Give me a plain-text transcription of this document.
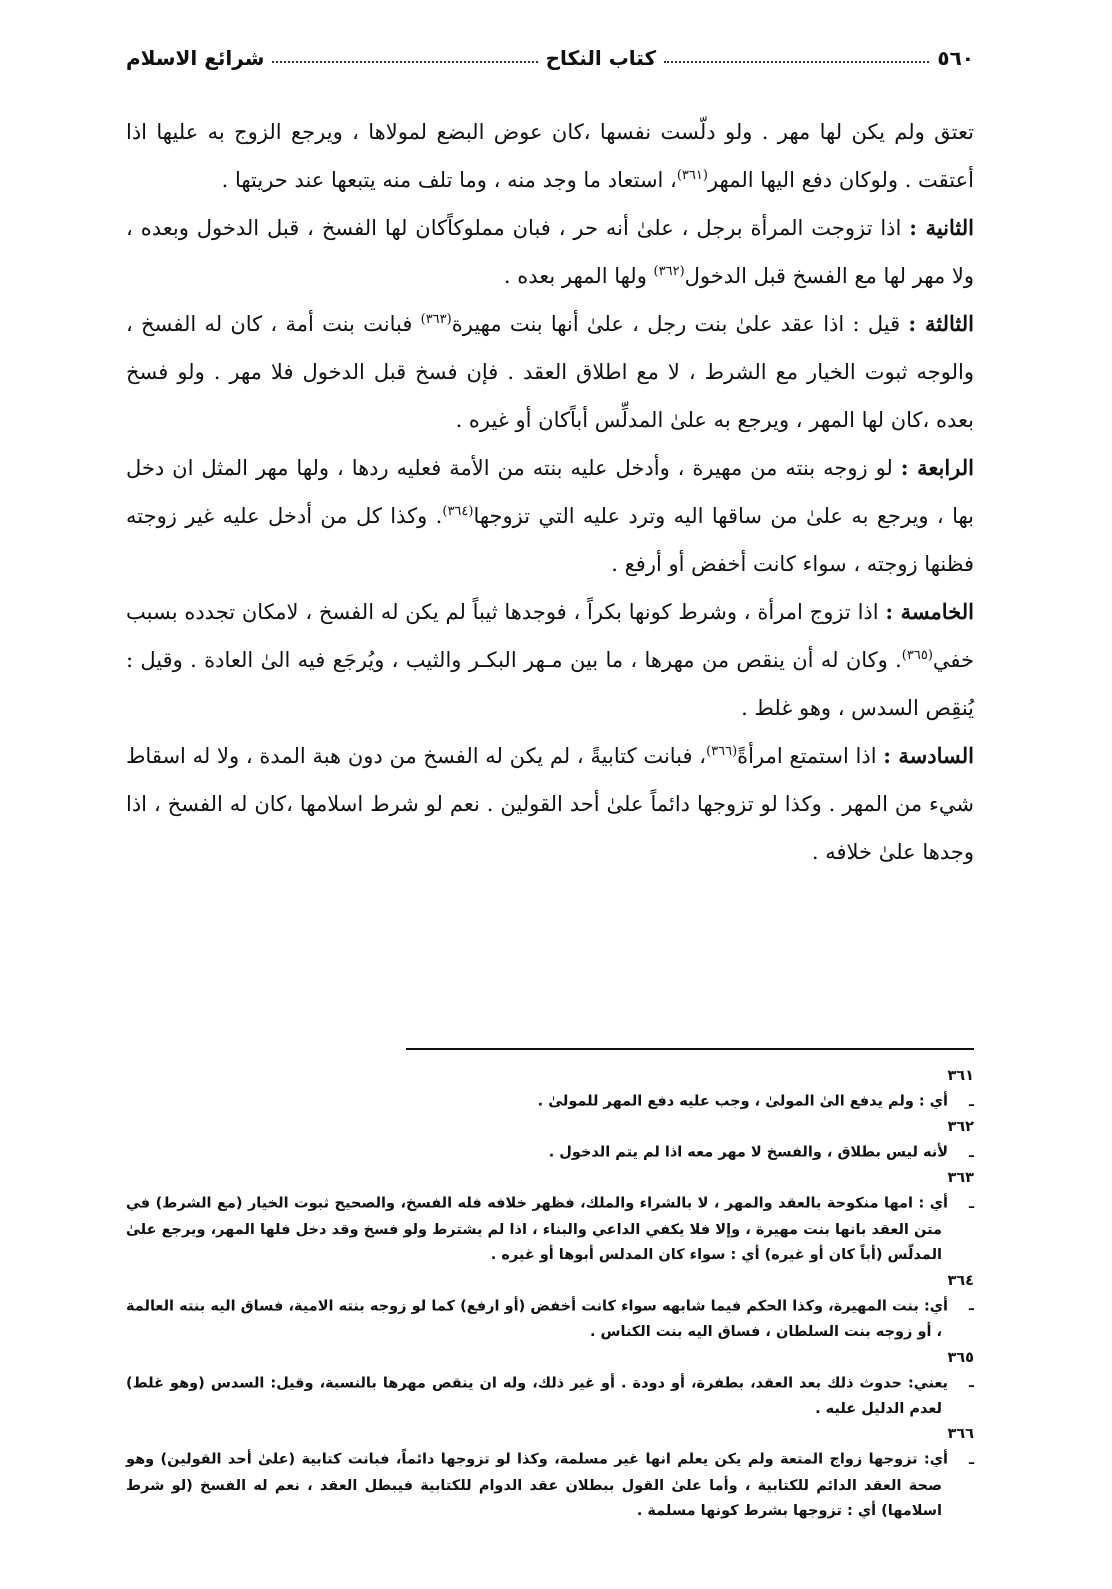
٥٦٠
كتاب النكاح
شرائع الاسلام

تعتق ولم يكن لها مهر . ولو دلّست نفسها ،كان عوض البضع لمولاها ، ويرجع الزوج به عليها اذا أعتقت . ولوكان دفع اليها المهر$^{(٣٦١)}$، استعاد ما وجد منه ، وما تلف منه يتبعها عند حريتها .

الثانية : اذا تزوجت المرأة برجل ، علىٰ أنه حر ، فبان مملوكاًكان لها الفسخ ، قبل الدخول وبعده ، ولا مهر لها مع الفسخ قبل الدخول$^{(٣٦٢)}$ ولها المهر بعده .

الثالثة : قيل : اذا عقد علىٰ بنت رجل ، علىٰ أنها بنت مهيرة$^{(٣٦٣)}$ فبانت بنت أمة ، كان له الفسخ ، والوجه ثبوت الخيار مع الشرط ، لا مع اطلاق العقد . فإن فسخ قبل الدخول فلا مهر . ولو فسخ بعده ،كان لها المهر ، ويرجع به علىٰ المدلِّس أباًكان أو غيره .

الرابعة : لو زوجه بنته من مهيرة ، وأدخل عليه بنته من الأمة فعليه ردها ، ولها مهر المثل ان دخل بها ، ويرجع به علىٰ من ساقها اليه وترد عليه التي تزوجها$^{(٣٦٤)}$. وكذا كل من أدخل عليه غير زوجته فظنها زوجته ، سواء كانت أخفض أو أرفع .

الخامسة : اذا تزوج امرأة ، وشرط كونها بكراً ، فوجدها ثيباً لم يكن له الفسخ ، لامكان تجدده بسبب خفي$^{(٣٦٥)}$. وكان له أن ينقص من مهرها ، ما بين مـهر البكـر والثيب ، ويُرجَع فيه الىٰ العادة . وقيل : يُنقِص السدس ، وهو غلط .

السادسة : اذا استمتع امرأةً$^{(٣٦٦)}$، فبانت كتابيةً ، لم يكن له الفسخ من دون هبة المدة ، ولا له اسقاط شيء من المهر . وكذا لو تزوجها دائماً علىٰ أحد القولين . نعم لو شرط اسلامها ،كان له الفسخ ، اذا وجدها علىٰ خلافه .

٣٦١ ـأي : ولم يدفع الىٰ المولىٰ ، وجب عليه دفع المهر للمولىٰ .

٣٦٢ ـلأنه ليس بطلاق ، والفسخ لا مهر معه اذا لم يتم الدخول .

٣٦٣ ـأي : امها منكوحة بالعقد والمهر ، لا بالشراء والملك، فظهر خلافه فله الفسخ، والصحيح ثبوت الخيار (مع الشرط) في متن العقد بانها بنت مهيرة ، وإلا فلا يكفي الداعي والبناء ، اذا لم يشترط ولو فسخ وقد دخل فلها المهر، ويرجع علىٰ المدلّس (أباً كان أو غيره) أي : سواء كان المدلس أبوها أو غيره .

٣٦٤ ـأي: بنت المهيرة، وكذا الحكم فيما شابهه سواء كانت أخفض (أو ارفع) كما لو زوجه بنته الامية، فساق اليه بنته العالمة ، أو زوجه بنت السلطان ، فساق اليه بنت الكناس .

٣٦٥ ـيعني: حدوث ذلك بعد العقد، بطفرة، أو دودة . أو غير ذلك، وله ان ينقص مهرها بالنسبة، وقيل: السدس (وهو غلط) لعدم الدليل عليه .

٣٦٦ ـأي: تزوجها زواج المتعة ولم يكن يعلم انها غير مسلمة، وكذا لو تزوجها دائماً، فبانت كتابية (علىٰ أحد القولين) وهو صحة العقد الدائم للكتابية ، وأما علىٰ القول ببطلان عقد الدوام للكتابية فيبطل العقد ، نعم له الفسخ (لو شرط اسلامها) أي : تزوجها بشرط كونها مسلمة .
